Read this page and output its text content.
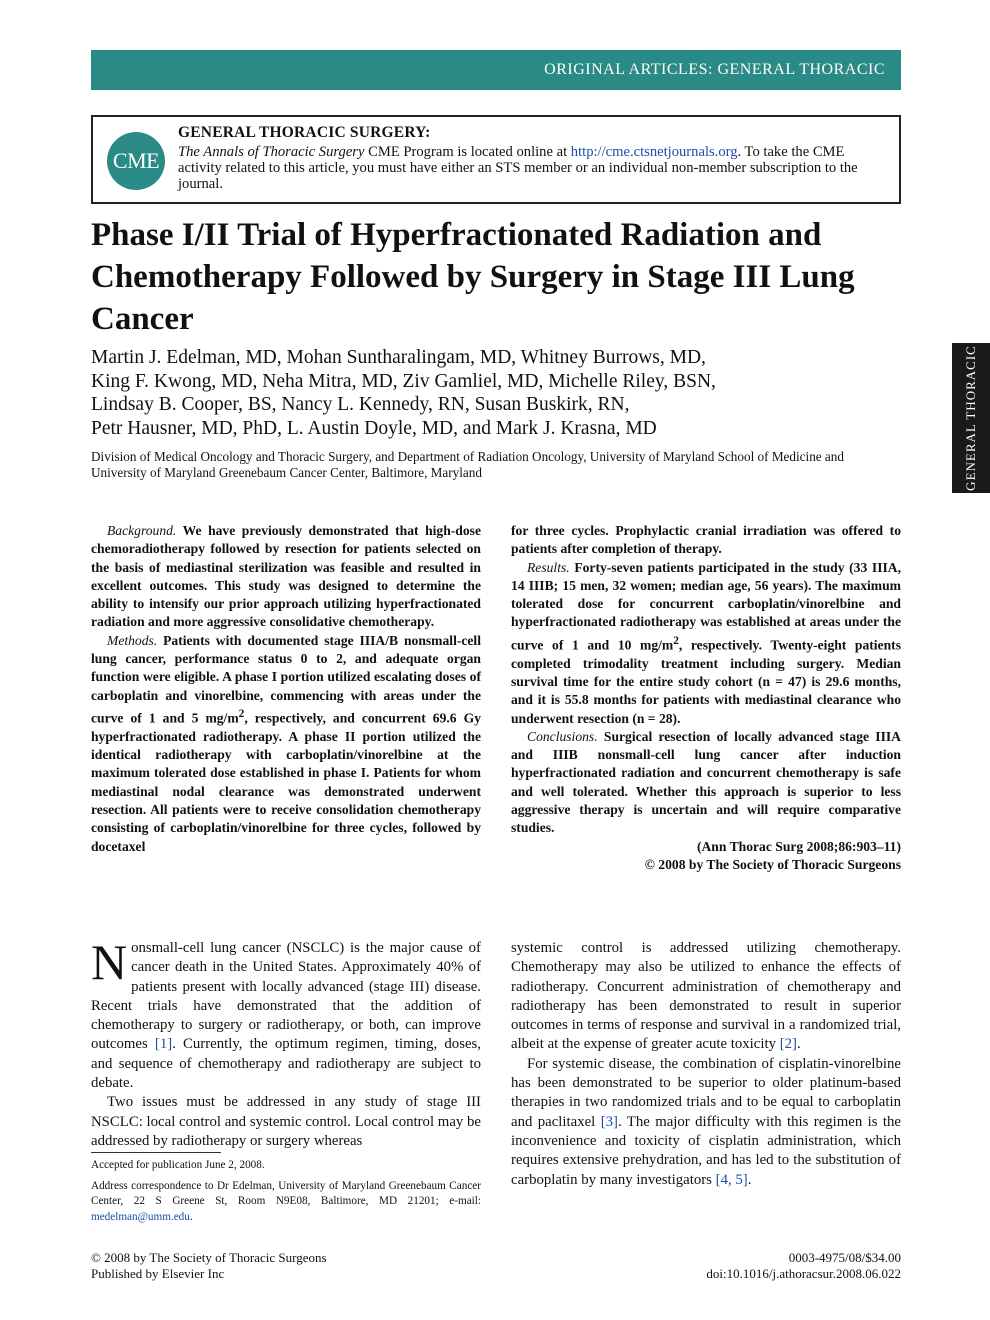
ORIGINAL ARTICLES: GENERAL THORACIC
CME
GENERAL THORACIC SURGERY:
The Annals of Thoracic Surgery CME Program is located online at http://cme.ctsnetjournals.org. To take the CME activity related to this article, you must have either an STS member or an individual non-member subscription to the journal.
Phase I/II Trial of Hyperfractionated Radiation and Chemotherapy Followed by Surgery in Stage III Lung Cancer
Martin J. Edelman, MD, Mohan Suntharalingam, MD, Whitney Burrows, MD,
King F. Kwong, MD, Neha Mitra, MD, Ziv Gamliel, MD, Michelle Riley, BSN,
Lindsay B. Cooper, BS, Nancy L. Kennedy, RN, Susan Buskirk, RN,
Petr Hausner, MD, PhD, L. Austin Doyle, MD, and Mark J. Krasna, MD
Division of Medical Oncology and Thoracic Surgery, and Department of Radiation Oncology, University of Maryland School of Medicine and University of Maryland Greenebaum Cancer Center, Baltimore, Maryland	GENERAL THORACIC

Background. We have previously demonstrated that high-dose chemoradiotherapy followed by resection for patients selected on the basis of mediastinal sterilization was feasible and resulted in excellent outcomes. This study was designed to determine the ability to intensify our prior approach utilizing hyperfractionated radiation and more aggressive consolidative chemotherapy.

Methods. Patients with documented stage IIIA/B nonsmall-cell lung cancer, performance status 0 to 2, and adequate organ function were eligible. A phase I portion utilized escalating doses of carboplatin and vinorelbine, commencing with areas under the curve of 1 and 5 $mg/m^2$, respectively, and concurrent 69.6 Gy hyperfractionated radiotherapy. A phase II portion utilized the identical radiotherapy with carboplatin/vinorelbine at the maximum tolerated dose established in phase I. Patients for whom mediastinal nodal clearance was demonstrated underwent resection. All patients were to receive consolidation chemotherapy consisting of carboplatin/vinorelbine for three cycles, followed by docetaxel

for three cycles. Prophylactic cranial irradiation was offered to patients after completion of therapy.

Results. Forty-seven patients participated in the study (33 IIIA, 14 IIIB; 15 men, 32 women; median age, 56 years). The maximum tolerated dose for concurrent carboplatin/vinorelbine and hyperfractionated radiotherapy was established at areas under the curve of 1 and 10 $mg/m^2$, respectively. Twenty-eight patients completed trimodality treatment including surgery. Median survival time for the entire study cohort (n = 47) is 29.6 months, and it is 55.8 months for patients with mediastinal clearance who underwent resection (n = 28).

Conclusions. Surgical resection of locally advanced stage IIIA and IIIB nonsmall-cell lung cancer after induction hyperfractionated radiation and concurrent chemotherapy is safe and well tolerated. Whether this approach is superior to less aggressive therapy is uncertain and will require comparative studies.

(Ann Thorac Surg 2008;86:903–11)

© 2008 by The Society of Thoracic Surgeons

Nonsmall-cell lung cancer (NSCLC) is the major cause of cancer death in the United States. Approximately 40% of patients present with locally advanced (stage III) disease. Recent trials have demonstrated that the addition of chemotherapy to surgery or radiotherapy, or both, can improve outcomes [1]. Currently, the optimum regimen, timing, doses, and sequence of chemotherapy and radiotherapy are subject to debate.

Two issues must be addressed in any study of stage III NSCLC: local control and systemic control. Local control may be addressed by radiotherapy or surgery whereas

systemic control is addressed utilizing chemotherapy. Chemotherapy may also be utilized to enhance the effects of radiotherapy. Concurrent administration of chemotherapy and radiotherapy has been demonstrated to result in superior outcomes in terms of response and survival in a randomized trial, albeit at the expense of greater acute toxicity [2].

For systemic disease, the combination of cisplatin-vinorelbine has been demonstrated to be superior to older platinum-based therapies in two randomized trials and to be equal to carboplatin and paclitaxel [3]. The major difficulty with this regimen is the inconvenience and toxicity of cisplatin administration, which requires extensive prehydration, and has led to the substitution of carboplatin by many investigators [4, 5].

Accepted for publication June 2, 2008.

Address correspondence to Dr Edelman, University of Maryland Greenebaum Cancer Center, 22 S Greene St, Room N9E08, Baltimore, MD 21201; e-mail: medelman@umm.edu.

© 2008 by The Society of Thoracic Surgeons
Published by Elsevier Inc
0003-4975/08/$34.00
doi:10.1016/j.athoracsur.2008.06.022
